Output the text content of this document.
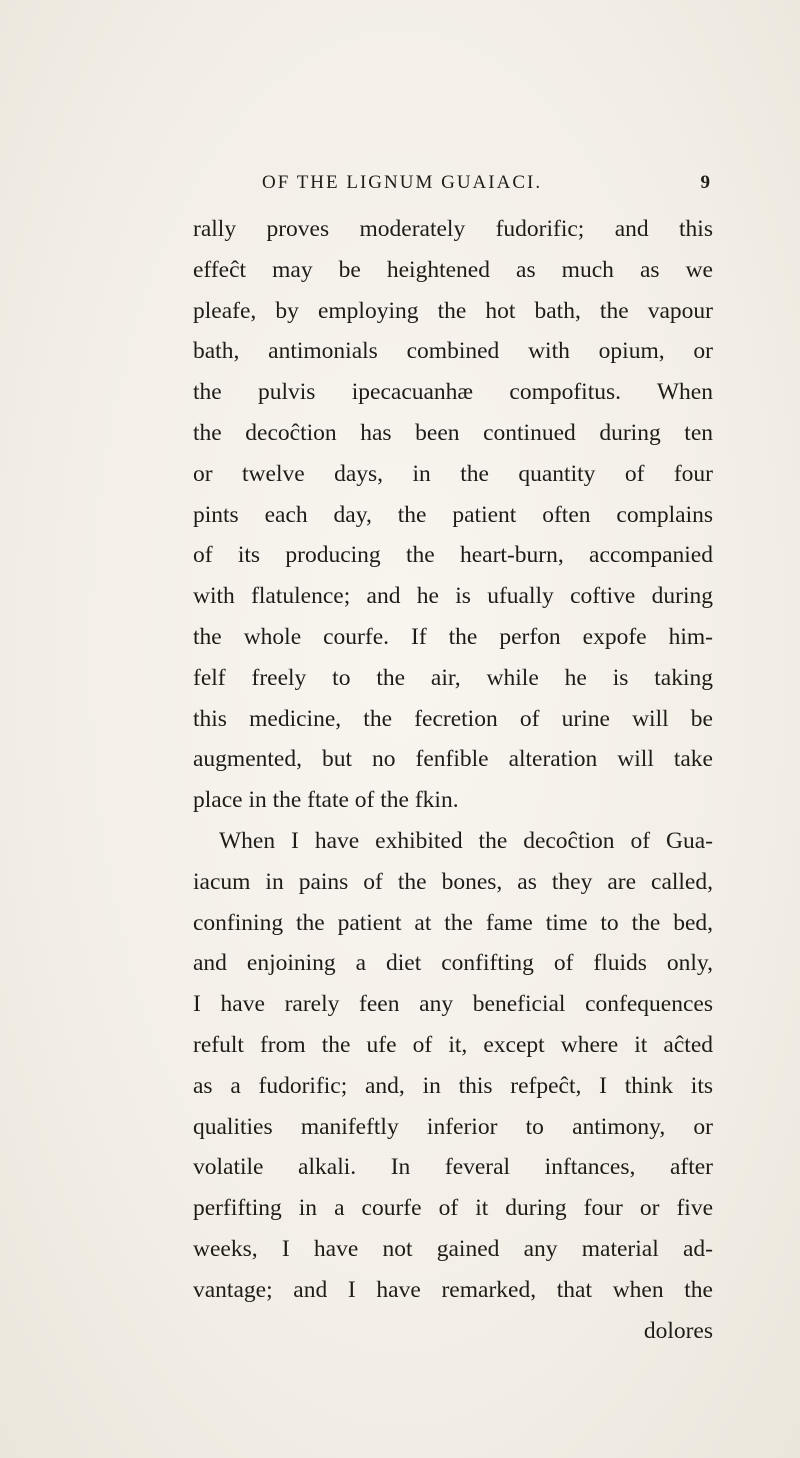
OF THE LIGNUM GUAIACI.	9
rally proves moderately fudorific; and this
effeĉt may be heightened as much as we
pleafe, by employing the hot bath, the vapour
bath, antimonials combined with opium, or
the pulvis ipecacuanhæ compofitus. When
the decoĉtion has been continued during ten
or twelve days, in the quantity of four
pints each day, the patient often complains
of its producing the heart-burn, accompanied
with flatulence; and he is ufually coftive during
the whole courfe. If the perfon expofe him-
felf freely to the air, while he is taking
this medicine, the fecretion of urine will be
augmented, but no fenfible alteration will take
place in the ftate of the fkin.
When I have exhibited the decoĉtion of Gua-
iacum in pains of the bones, as they are called,
confining the patient at the fame time to the bed,
and enjoining a diet confifting of fluids only,
I have rarely feen any beneficial confequences
refult from the ufe of it, except where it aĉted
as a fudorific; and, in this refpeĉt, I think its
qualities manifeftly inferior to antimony, or
volatile alkali. In feveral inftances, after
perfifting in a courfe of it during four or five
weeks, I have not gained any material ad-
vantage; and I have remarked, that when the
dolores
